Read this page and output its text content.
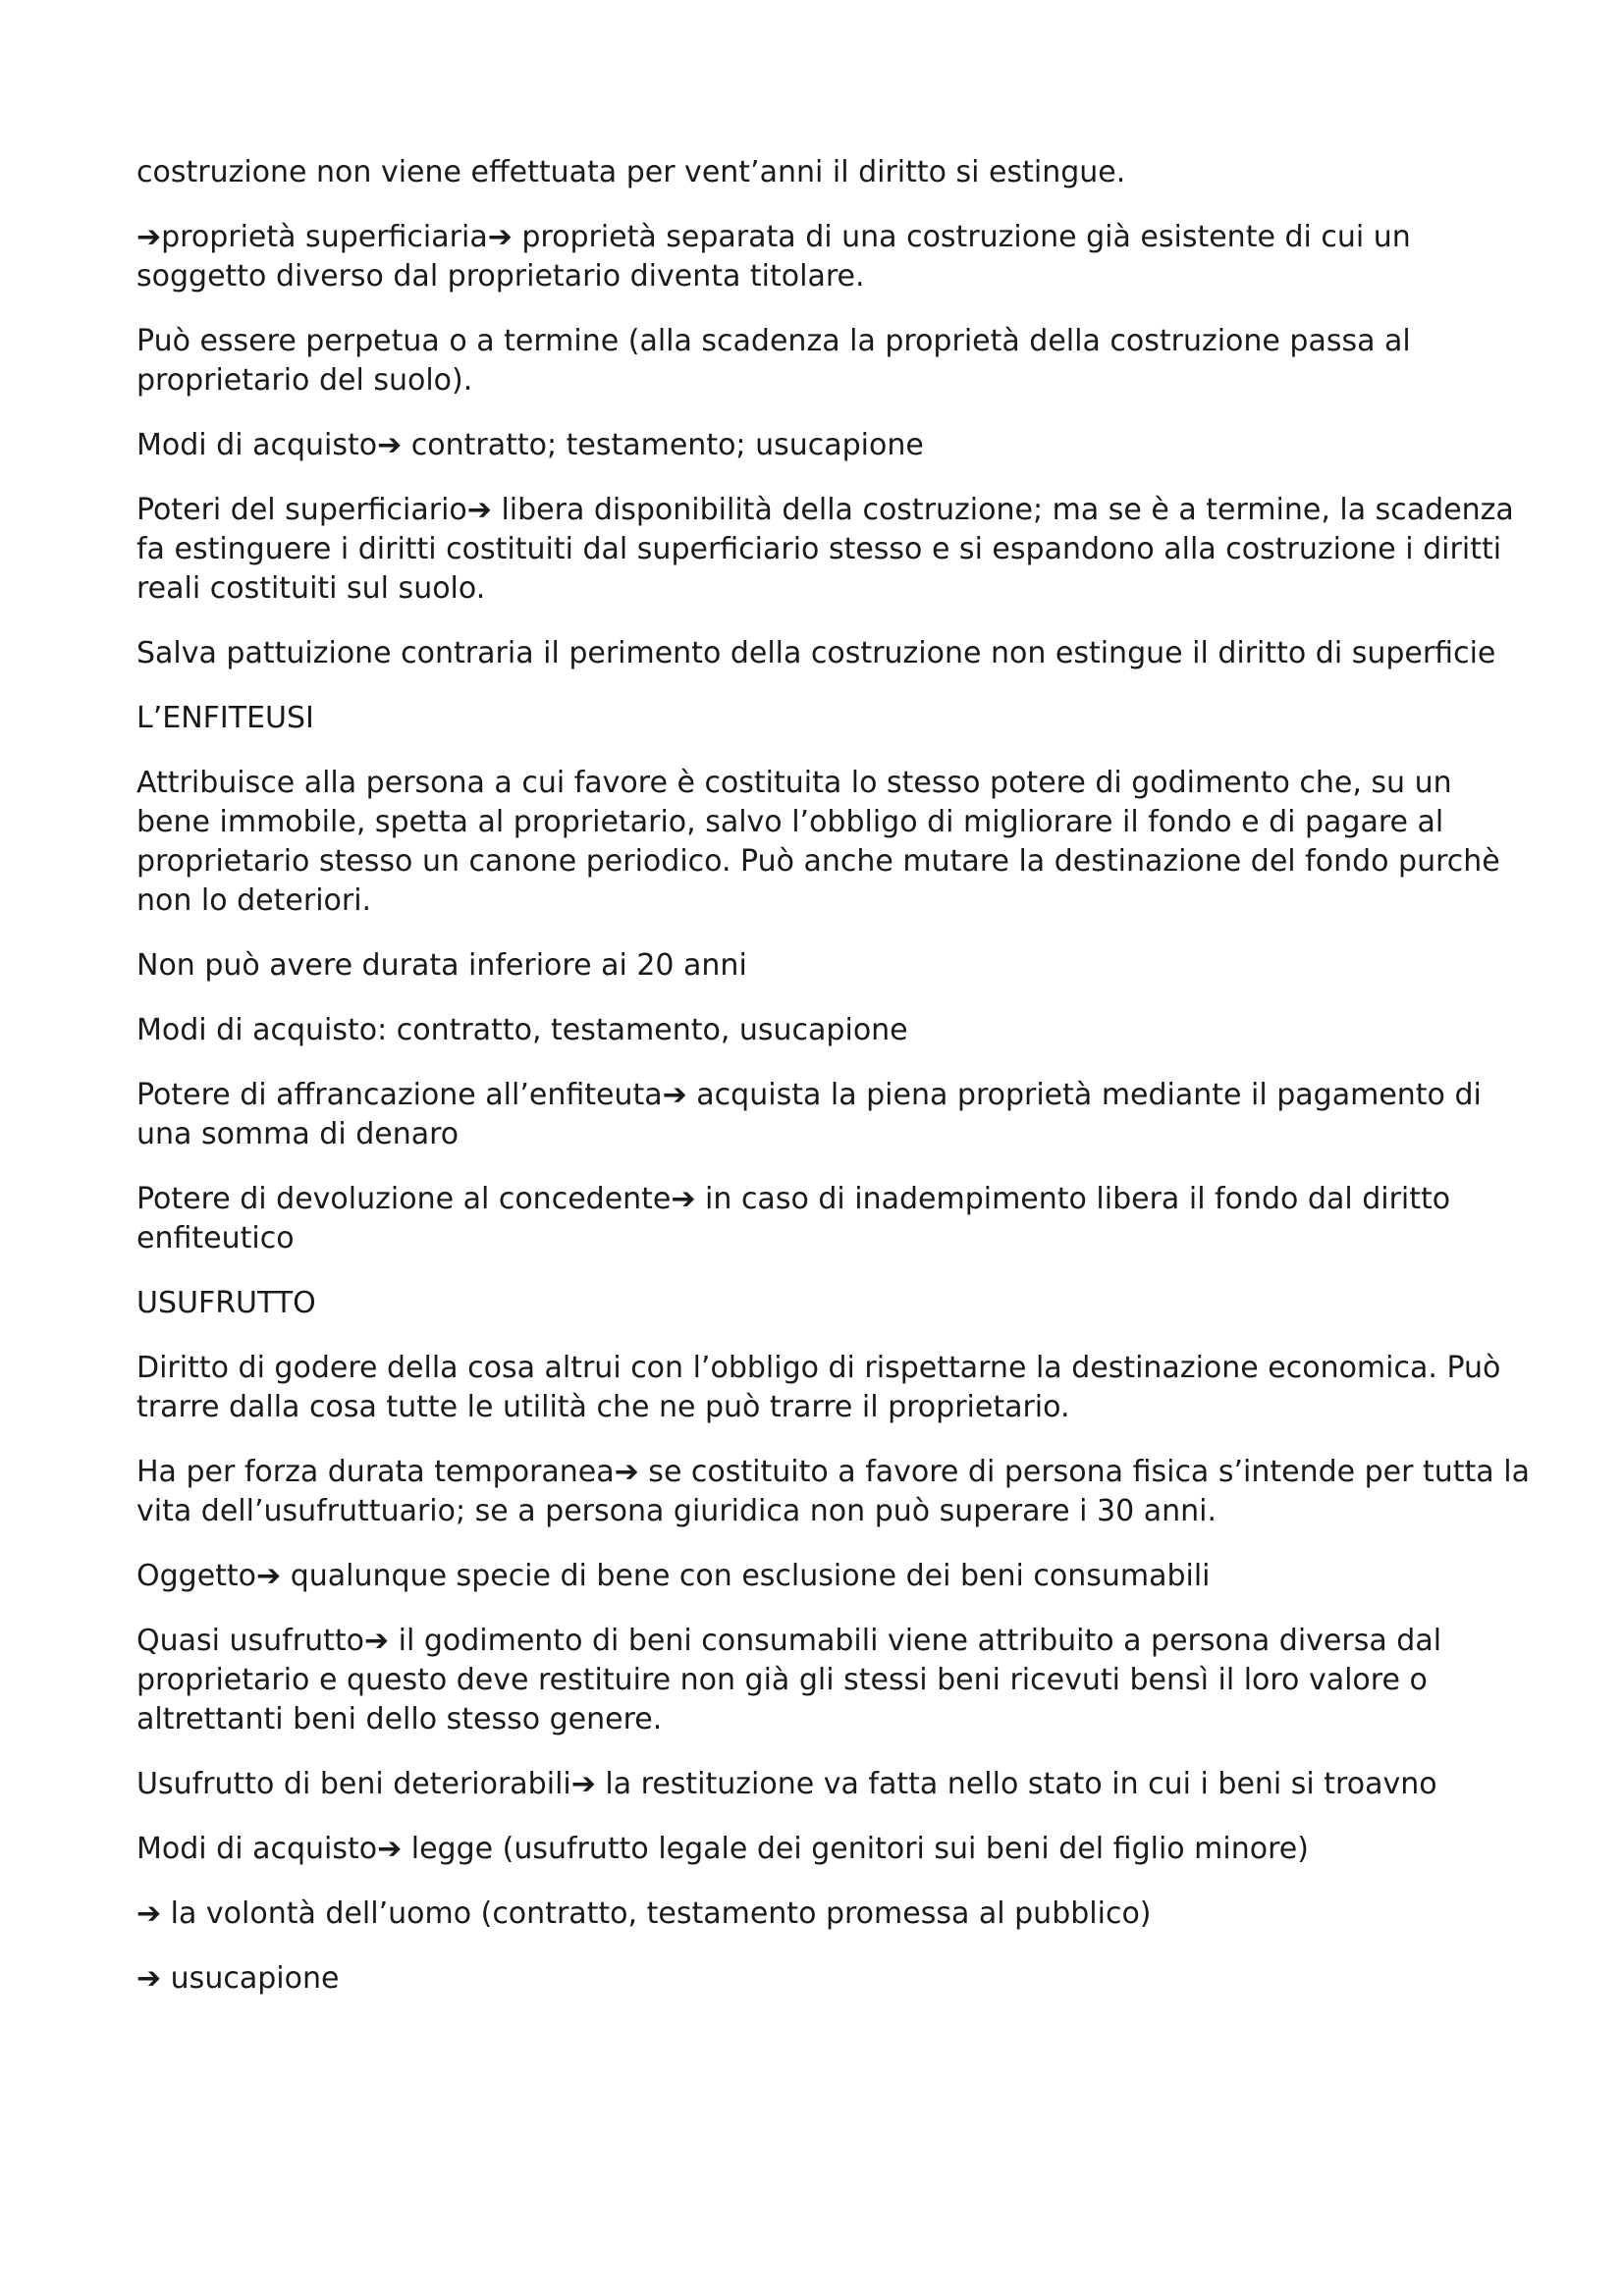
costruzione non viene effettuata per vent’anni il diritto si estingue.

➔proprietà superficiaria➔ proprietà separata di una costruzione già esistente di cui un soggetto diverso dal proprietario diventa titolare.

Può essere perpetua o a termine (alla scadenza la proprietà della costruzione passa al proprietario del suolo).

Modi di acquisto➔ contratto; testamento; usucapione

Poteri del superficiario➔ libera disponibilità della costruzione; ma se è a termine, la scadenza fa estinguere i diritti costituiti dal superficiario stesso e si espandono alla costruzione i diritti reali costituiti sul suolo.

Salva pattuizione contraria il perimento della costruzione non estingue il diritto di superficie

L’ENFITEUSI

Attribuisce alla persona a cui favore è costituita lo stesso potere di godimento che, su un bene immobile, spetta al proprietario, salvo l’obbligo di migliorare il fondo e di pagare al proprietario stesso un canone periodico. Può anche mutare la destinazione del fondo purchè non lo deteriori.

Non può avere durata inferiore ai 20 anni

Modi di acquisto: contratto, testamento, usucapione

Potere di affrancazione all’enfiteuta➔ acquista la piena proprietà mediante il pagamento di una somma di denaro

Potere di devoluzione al concedente➔ in caso di inadempimento libera il fondo dal diritto enfiteutico

USUFRUTTO

Diritto di godere della cosa altrui con l’obbligo di rispettarne la destinazione economica. Può trarre dalla cosa tutte le utilità che ne può trarre il proprietario.

Ha per forza durata temporanea➔ se costituito a favore di persona fisica s’intende per tutta la vita dell’usufruttuario; se a persona giuridica non può superare i 30 anni.

Oggetto➔ qualunque specie di bene con esclusione dei beni consumabili

Quasi usufrutto➔ il godimento di beni consumabili viene attribuito a persona diversa dal proprietario e questo deve restituire non già gli stessi beni ricevuti bensì il loro valore o altrettanti beni dello stesso genere.

Usufrutto di beni deteriorabili➔ la restituzione va fatta nello stato in cui i beni si troavno

Modi di acquisto➔ legge (usufrutto legale dei genitori sui beni del figlio minore)

➔ la volontà dell’uomo (contratto, testamento promessa al pubblico)

➔ usucapione
